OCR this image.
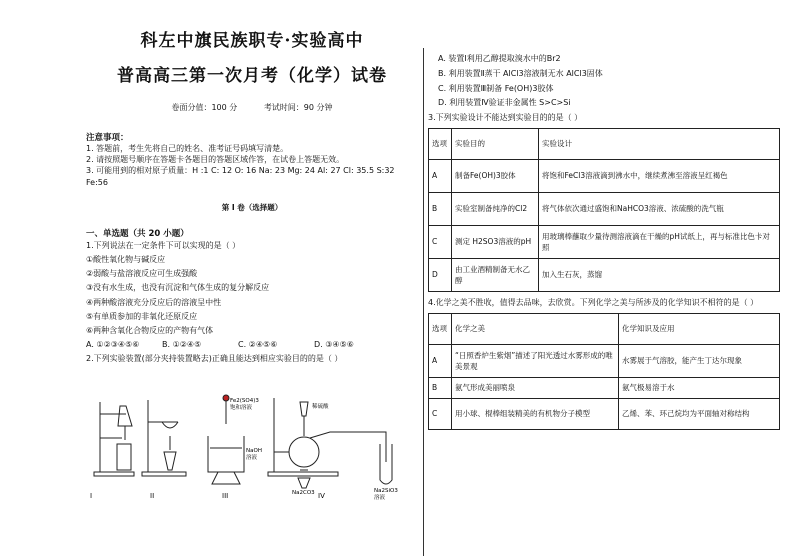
科左中旗民族职专·实验高中
普高高三第一次月考（化学）试卷
卷面分值：100 分	考试时间：90 分钟
注意事项：
1. 答题前，考生先将自己的姓名、准考证号码填写清楚。
2. 请按照题号顺序在答题卡各题目的答题区域作答，在试卷上答题无效。
3. 可能用到的相对原子质量：H :1 C: 12 O: 16 Na: 23 Mg: 24 Al: 27 Cl: 35.5 S:32 Fe:56
第 I 卷（选择题）
一、单选题（共 20 小题）
1.下列说法在一定条件下可以实现的是（ ）
①酸性氧化物与碱反应
②弱酸与盐溶液反应可生成强酸
③没有水生成，也没有沉淀和气体生成的复分解反应
④两种酸溶液充分反应后的溶液呈中性
⑤有单质参加的非氧化还原反应
⑥两种含氧化合物反应的产物有气体
A. ①②③④⑤⑥	B. ①②④⑤	C. ②④⑤⑥	D. ③④⑤⑥
2.下列实验装置(部分夹持装置略去)正确且能达到相应实验目的的是（ ）
I	II	III	IV
Fe2(SO4)3
饱和溶液
NaOH
溶液
稀硫酸
Na2CO3	Na2SiO3
溶液
A. 装置Ⅰ利用乙醇提取溴水中的Br2
B. 利用装置Ⅱ蒸干 AlCl3溶液制无水 AlCl3固体
C. 利用装置Ⅲ制备 Fe(OH)3胶体
D. 利用装置Ⅳ验证非金属性 S>C>Si
3.下列实验设计不能达到实验目的的是（ ）
选项	实验目的	实验设计
A	制备Fe(OH)3胶体	将饱和FeCl3溶液滴到沸水中，继续煮沸至溶液呈红褐色
B	实验室制备纯净的Cl2	将气体依次通过盛饱和NaHCO3溶液、浓硫酸的洗气瓶
C	测定 H2SO3溶液的pH	用玻璃棒蘸取少量待测溶液滴在干燥的pH试纸上，再与标准比色卡对照
D	由工业酒精制备无水乙醇	加入生石灰，蒸馏
4.化学之美不胜收，值得去品味，去欣赏。下列化学之美与所涉及的化学知识不相符的是（ ）
选项	化学之美	化学知识及应用
A	“日照香炉生紫烟”描述了阳光透过水雾形成的唯美景观	水雾展于气溶胶，能产生丁达尔现象
B	氨气形成美丽喷泉	氨气极易溶于水
C	用小球、棍棒组装精美的有机物分子模型	乙烯、苯、环己烷均为平面轴对称结构
